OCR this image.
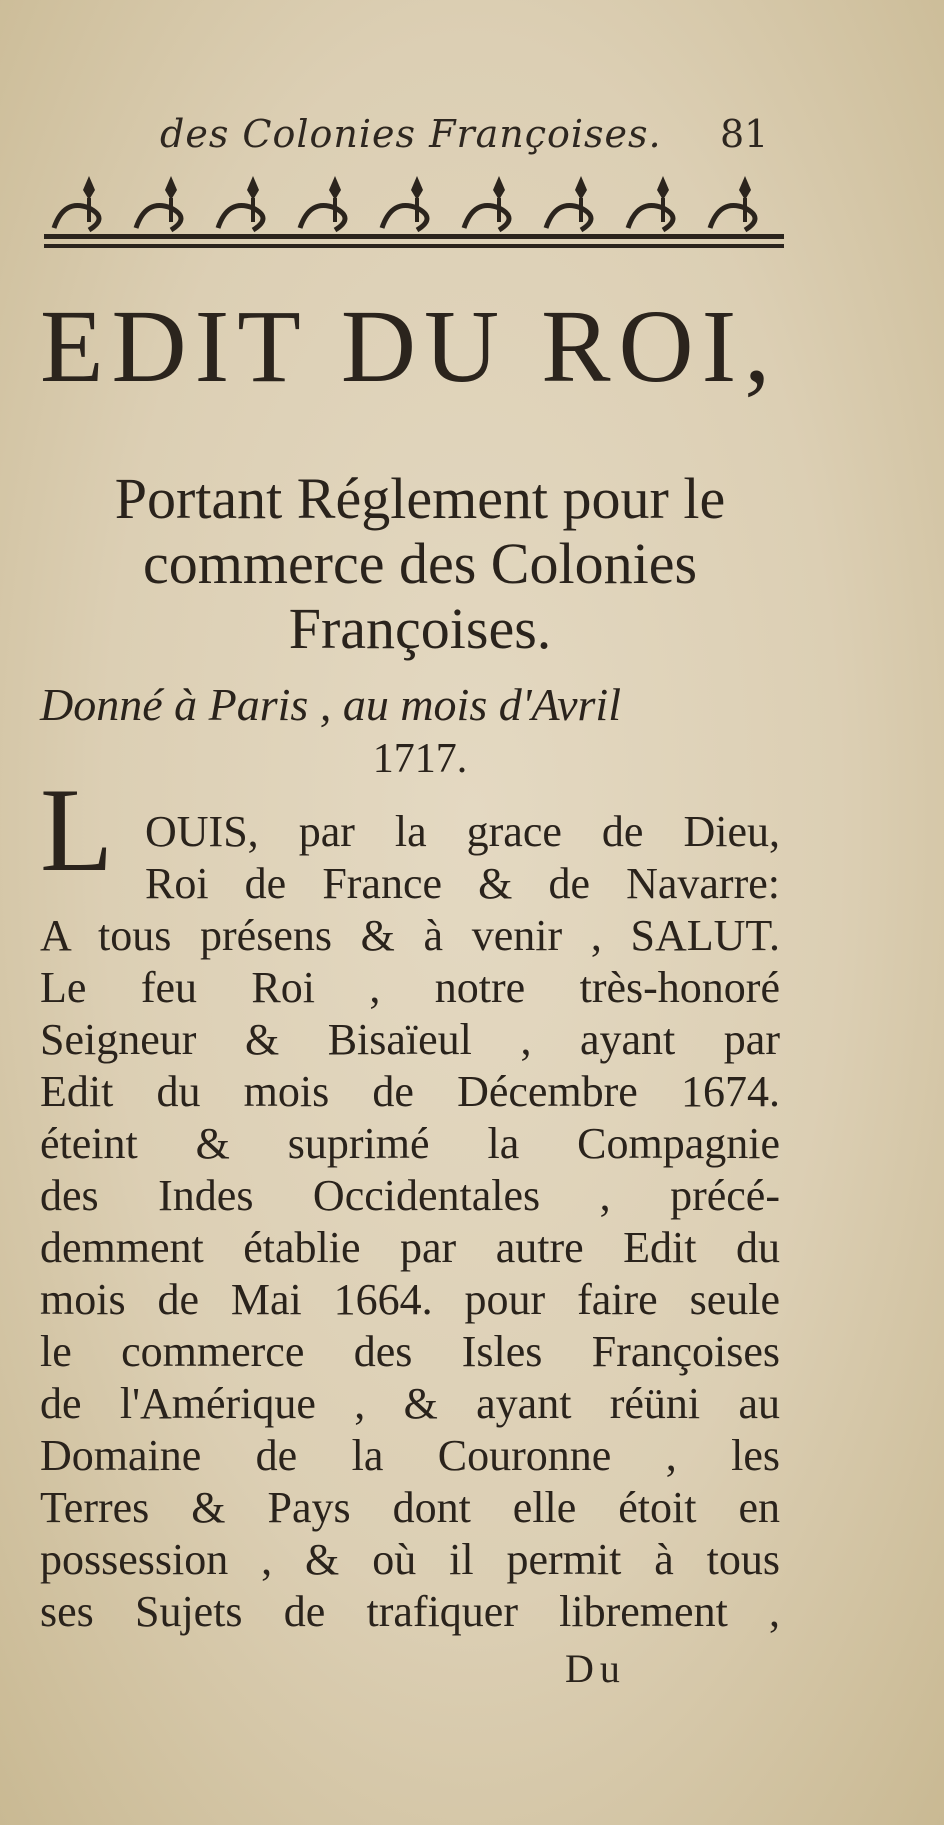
des Colonies Françoises. 81
EDIT DU ROI,
Portant Réglement pour le
commerce des Colonies
Françoises.
Donné à Paris , au mois d'Avril
1717.
L OUIS, par la grace de Dieu,
Roi de France & de Navarre:
A tous présens & à venir , SALUT.
Le feu Roi , notre très-honoré
Seigneur & Bisaïeul , ayant par
Edit du mois de Décembre 1674.
éteint & suprimé la Compagnie
des Indes Occidentales , précé-
demment établie par autre Edit du
mois de Mai 1664. pour faire seule
le commerce des Isles Françoises
de l'Amérique , & ayant réüni au
Domaine de la Couronne , les
Terres & Pays dont elle étoit en
possession , & où il permit à tous
ses Sujets de trafiquer librement ,
Du
